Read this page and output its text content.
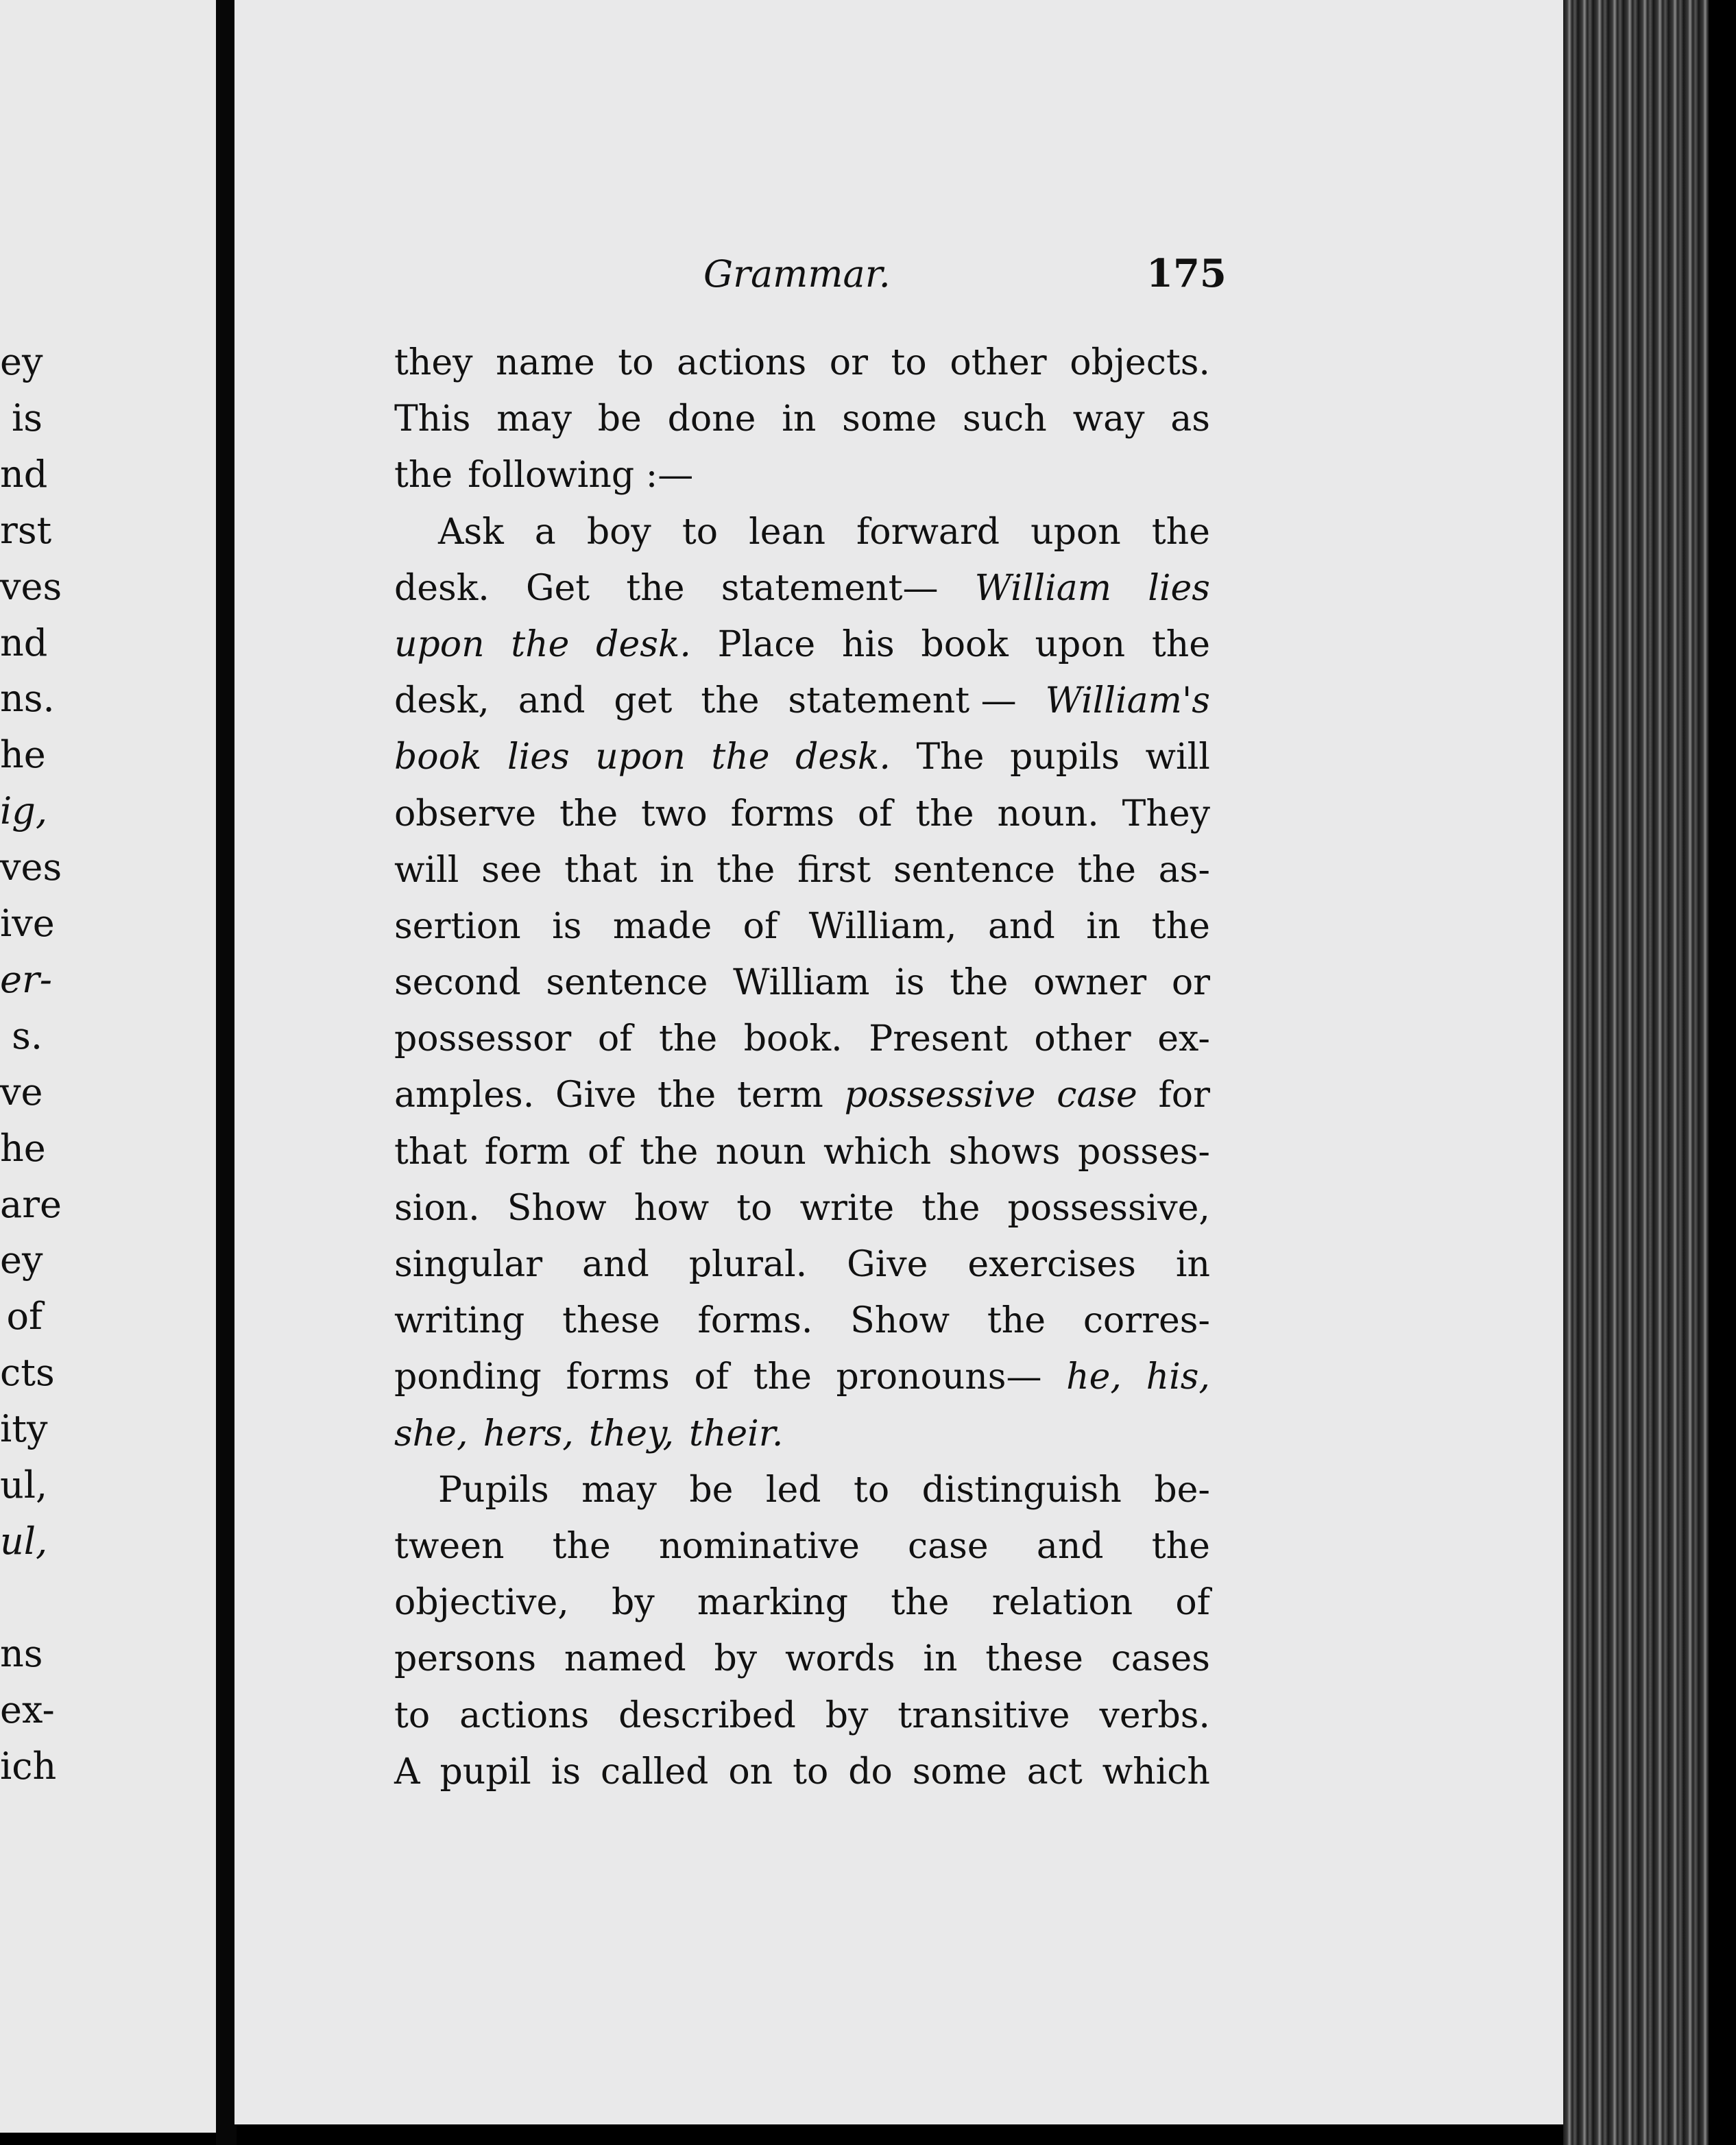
ey
is
nd
rst
ves
nd
ns.
he
ig,
ves
ive
er-
s.
ve
he
are
ey
of
cts
ity
ul,
ul,
ns
ex-
ich
Grammar.	175
they name to actions or to other objects.
This may be done in some such way as
the following :—
Ask a boy to lean forward upon the
desk. Get the statement— William lies
upon the desk. Place his book upon the
desk, and get the statement — William's
book lies upon the desk. The pupils will
observe the two forms of the noun. They
will see that in the first sentence the as-
sertion is made of William, and in the
second sentence William is the owner or
possessor of the book. Present other ex-
amples. Give the term possessive case for
that form of the noun which shows posses-
sion. Show how to write the possessive,
singular and plural. Give exercises in
writing these forms. Show the corres-
ponding forms of the pronouns— he, his,
she, hers, they, their.
Pupils may be led to distinguish be-
tween the nominative case and the
objective, by marking the relation of
persons named by words in these cases
to actions described by transitive verbs.
A pupil is called on to do some act which
